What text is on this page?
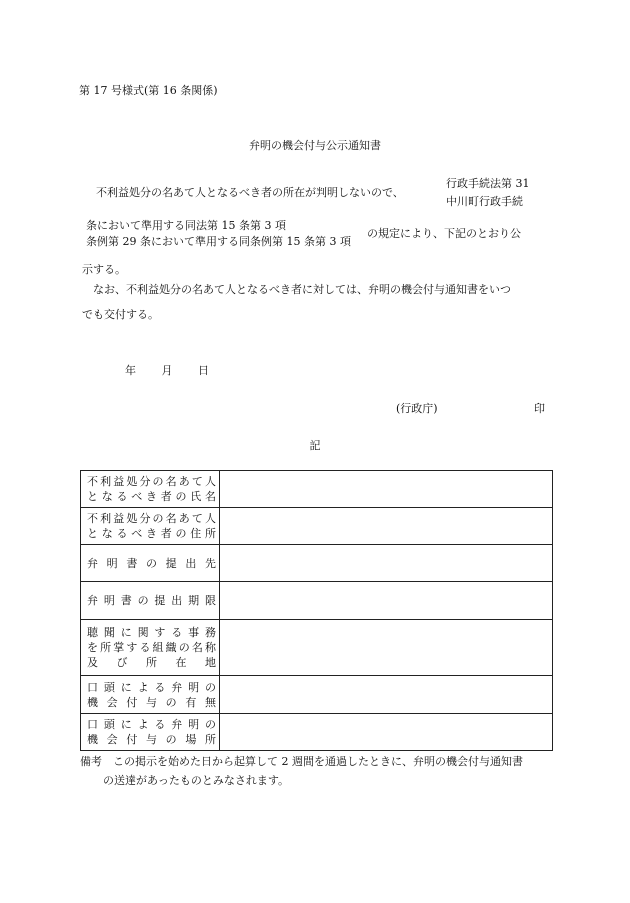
第 17 号様式(第 16 条関係)
弁明の機会付与公示通知書
不利益処分の名あて人となるべき者の所在が判明しないので、
行政手続法第 31
中川町行政手続
条において準用する同法第 15 条第 3 項
条例第 29 条において準用する同条例第 15 条第 3 項
の規定により、下記のとおり公
示する。
なお、不利益処分の名あて人となるべき者に対しては、弁明の機会付与通知書をいつ
でも交付する。
年 月 日
(行政庁)	印
記
不利益処分の名あて人
となるべき者の氏名	

不利益処分の名あて人
となるべき者の住所	

弁明書の提出先	

弁明書の提出期限	

聴聞に関する事務
を所掌する組織の名称
及び所在地	

口頭による弁明の
機会付与の有無	

口頭による弁明の
機会付与の場所	

備考　この掲示を始めた日から起算して 2 週間を通過したときに、弁明の機会付与通知書
の送達があったものとみなされます。
